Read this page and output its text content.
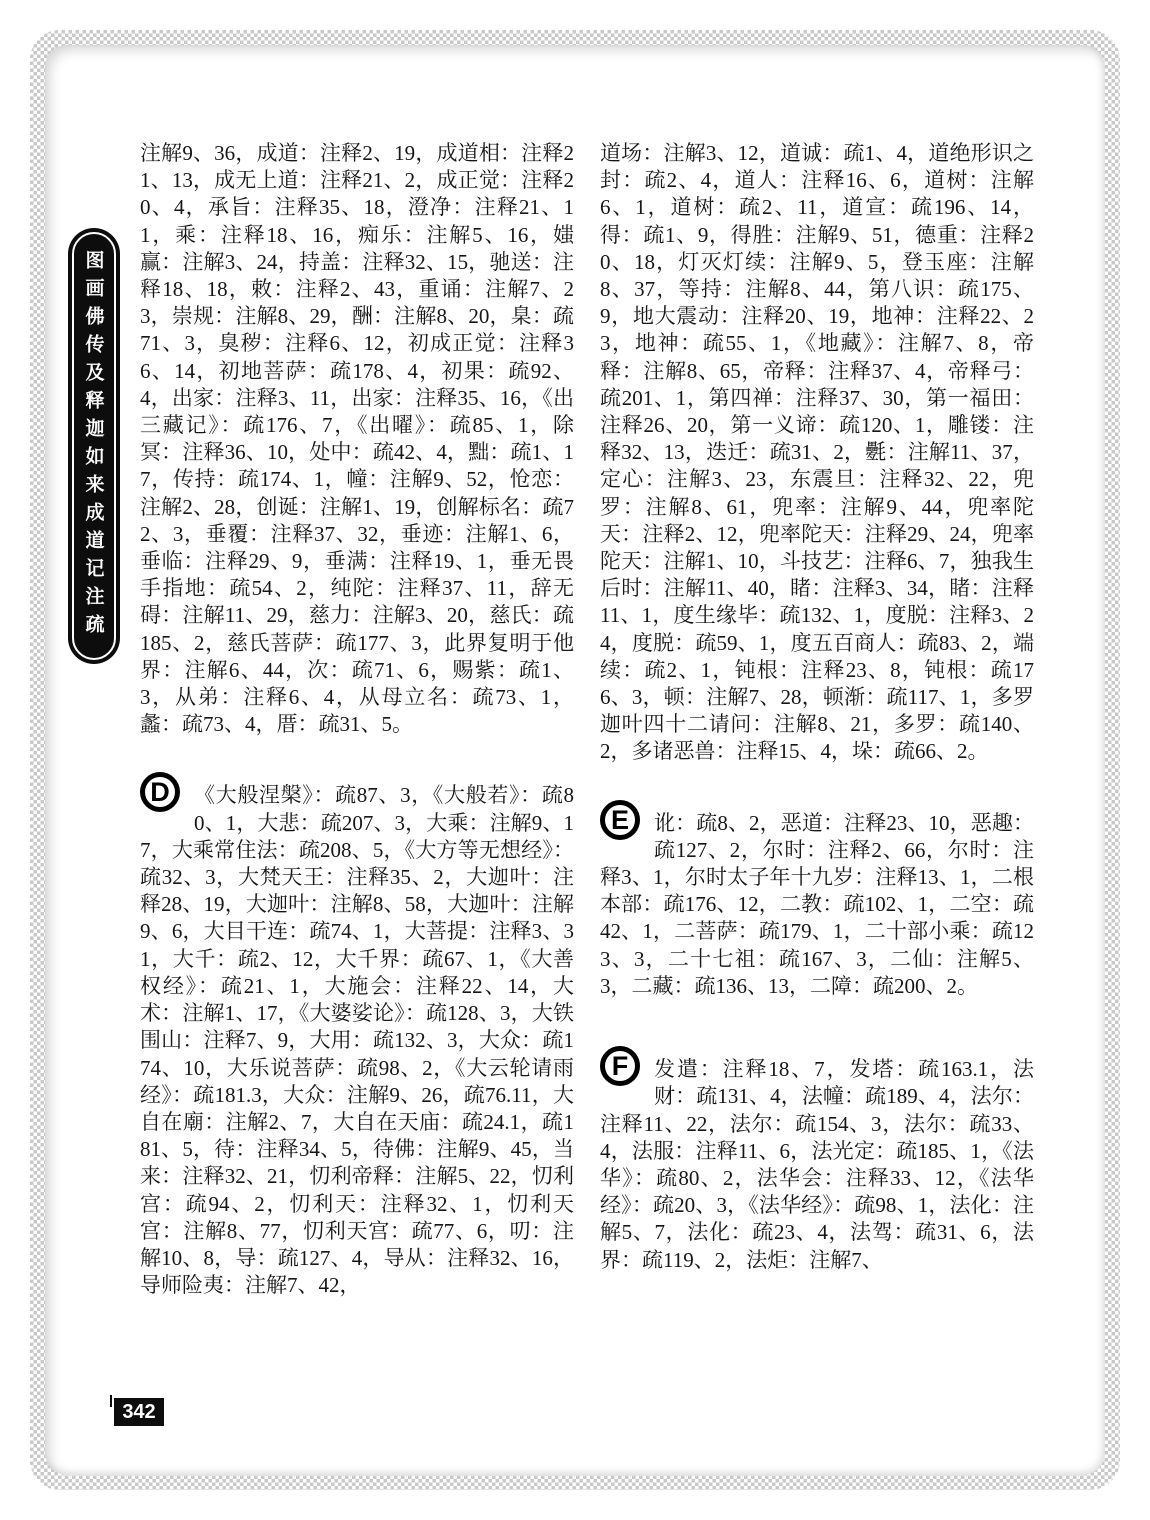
图画佛传及释迦如来成道记注疏

注解9、36，成道：注释2、19，成道相：注释21、13，成无上道：注释21、2，成正觉：注释20、4，承旨：注释35、18，澄净：注释21、11，乘：注释18、16，痴乐：注解5、16，媸赢：注解3、24，持盖：注释32、15，驰送：注释18、18，敕：注释2、43，重诵：注解7、23，崇规：注解8、29，酬：注解8、20，臬：疏71、3，臭秽：注释6、12，初成正觉：注释36、14，初地菩萨：疏178、4，初果：疏92、4，出家：注释3、11，出家：注释35、16，《出三藏记》：疏176、7，《出曜》：疏85、1，除冥：注释36、10，处中：疏42、4，黜：疏1、17，传持：疏174、1，幢：注解9、52，怆恋：注解2、28，创诞：注解1、19，创解标名：疏72、3，垂覆：注释37、32，垂迹：注解1、6，垂临：注释29、9，垂满：注释19、1，垂无畏手指地：疏54、2，纯陀：注释37、11，辞无碍：注解11、29，慈力：注解3、20，慈氏：疏185、2，慈氏菩萨：疏177、3，此界复明于他界：注解6、44，次：疏71、6，赐紫：疏1、3，从弟：注释6、4，从母立名：疏73、1，蠡：疏73、4，厝：疏31、5。

D	《大般涅槃》：疏87、3，《大般若》：疏80、1，大悲：疏207、3，大乘：注解9、17，大乘常住法：疏208、5，《大方等无想经》：疏32、3，大梵天王：注释35、2，大迦叶：注释28、19，大迦叶：注解8、58，大迦叶：注解9、6，大目干连：疏74、1，大菩提：注释3、31，大千：疏2、12，大千界：疏67、1，《大善权经》：疏21、1，大施会：注释22、14，大术：注解1、17，《大婆娑论》：疏128、3，大铁围山：注释7、9，大用：疏132、3，大众：疏174、10，大乐说菩萨：疏98、2，《大云轮请雨经》：疏181.3，大众：注解9、26，疏76.11，大自在廟：注解2、7，大自在天庙：疏24.1，疏181、5，待：注释34、5，待佛：注解9、45，当来：注释32、21，忉利帝释：注解5、22，忉利宫：疏94、2，忉利天：注释32、1，忉利天宫：注解8、77，忉利天宫：疏77、6，叨：注解10、8，导：疏127、4，导从：注释32、16，导师险夷：注解7、42，

道场：注解3、12，道诚：疏1、4，道绝形识之封：疏2、4，道人：注释16、6，道树：注解6、1，道树：疏2、11，道宣：疏196、14，得：疏1、9，得胜：注解9、51，德重：注释20、18，灯灭灯续：注解9、5，登玉座：注解8、37，等持：注解8、44，第八识：疏175、9，地大震动：注释20、19，地神：注释22、23，地神：疏55、1，《地藏》：注解7、8，帝释：注解8、65，帝释：注释37、4，帝释弓：疏201、1，第四禅：注释37、30，第一福田：注释26、20，第一义谛：疏120、1，雕镂：注释32、13，迭迁：疏31、2，氎：注解11、37，定心：注解3、23，东震旦：注释32、22，兜罗：注解8、61，兜率：注解9、44，兜率陀天：注释2、12，兜率陀天：注释29、24，兜率陀天：注解1、10，斗技艺：注释6、7，独我生后时：注解11、40，睹：注释3、34，睹：注释11、1，度生缘毕：疏132、1，度脱：注释3、24，度脱：疏59、1，度五百商人：疏83、2，端续：疏2、1，钝根：注释23、8，钝根：疏176、3，顿：注解7、28，顿渐：疏117、1，多罗迦叶四十二请问：注解8、21，多罗：疏140、2，多诸恶兽：注释15、4，垛：疏66、2。

E	讹：疏8、2，恶道：注释23、10，恶趣：疏127、2，尔时：注释2、66，尔时：注释3、1，尔时太子年十九岁：注释13、1，二根本部：疏176、12，二教：疏102、1，二空：疏42、1，二菩萨：疏179、1，二十部小乘：疏123、3，二十七祖：疏167、3，二仙：注解5、3，二藏：疏136、13，二障：疏200、2。

F	发遣：注释18、7，发塔：疏163.1，法财：疏131、4，法幢：疏189、4，法尔：注释11、22，法尔：疏154、3，法尔：疏33、4，法服：注释11、6，法光定：疏185、1，《法华》：疏80、2，法华会：注释33、12，《法华经》：疏20、3，《法华经》：疏98、1，法化：注解5、7，法化：疏23、4，法驾：疏31、6，法界：疏119、2，法炬：注解7、

342
